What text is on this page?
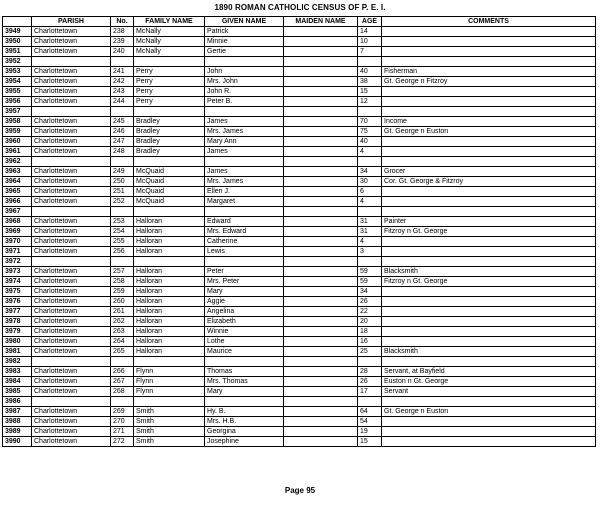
1890 ROMAN CATHOLIC CENSUS OF P. E. I.
	PARISH	No.	FAMILY NAME	GIVEN NAME	MAIDEN NAME	AGE	COMMENTS
3949	Charlottetown	238	McNally	Patrick		14	
3950	Charlottetown	239	McNally	Minnie		10	
3951	Charlottetown	240	McNally	Gertie		7	
3952							
3953	Charlottetown	241	Perry	John		40	Fisherman
3954	Charlottetown	242	Perry	Mrs. John		38	Gt. George n Fitzroy
3955	Charlottetown	243	Perry	John R.		15	
3956	Charlottetown	244	Perry	Peter B.		12	
3957							
3958	Charlottetown	245	Bradley	James		70	Income
3959	Charlottetown	246	Bradley	Mrs. James		75	Gt. George n Euston
3960	Charlottetown	247	Bradley	Mary Ann		40	
3961	Charlottetown	248	Bradley	James		4	
3962							
3963	Charlottetown	249	McQuaid	James		34	Grocer
3964	Charlottetown	250	McQuaid	Mrs. James		30	Cor. Gt. George & Fitzroy
3965	Charlottetown	251	McQuaid	Ellen J.		6	
3966	Charlottetown	252	McQuaid	Margaret		4	
3967							
3968	Charlottetown	253	Halloran	Edward		31	Painter
3969	Charlottetown	254	Halloran	Mrs. Edward		31	Fitzroy n Gt. George
3970	Charlottetown	255	Halloran	Catherine		4	
3971	Charlottetown	256	Halloran	Lewis		3	
3972							
3973	Charlottetown	257	Halloran	Peter		59	Blacksmith
3974	Charlottetown	258	Halloran	Mrs. Peter		59	Fitzroy n Gt. George
3975	Charlottetown	259	Halloran	Mary		34	
3976	Charlottetown	260	Halloran	Aggie		26	
3977	Charlottetown	261	Halloran	Angelina		22	
3978	Charlottetown	262	Halloran	Elizabeth		20	
3979	Charlottetown	263	Halloran	Winnie		18	
3980	Charlottetown	264	Halloran	Lothe		16	
3981	Charlottetown	265	Halloran	Maurice		25	Blacksmith
3982							
3983	Charlottetown	266	Flynn	Thomas		28	Servant, at Bayfield
3984	Charlottetown	267	Flynn	Mrs. Thomas		26	Euston n Gt. George
3985	Charlottetown	268	Flynn	Mary		17	Servant
3986							
3987	Charlottetown	269	Smith	Hy. B.		64	Gt. George n Euston
3988	Charlottetown	270	Smith	Mrs. H.B.		54	
3989	Charlottetown	271	Smith	Georgina		19	
3990	Charlottetown	272	Smith	Josephine		15	
Page 95
